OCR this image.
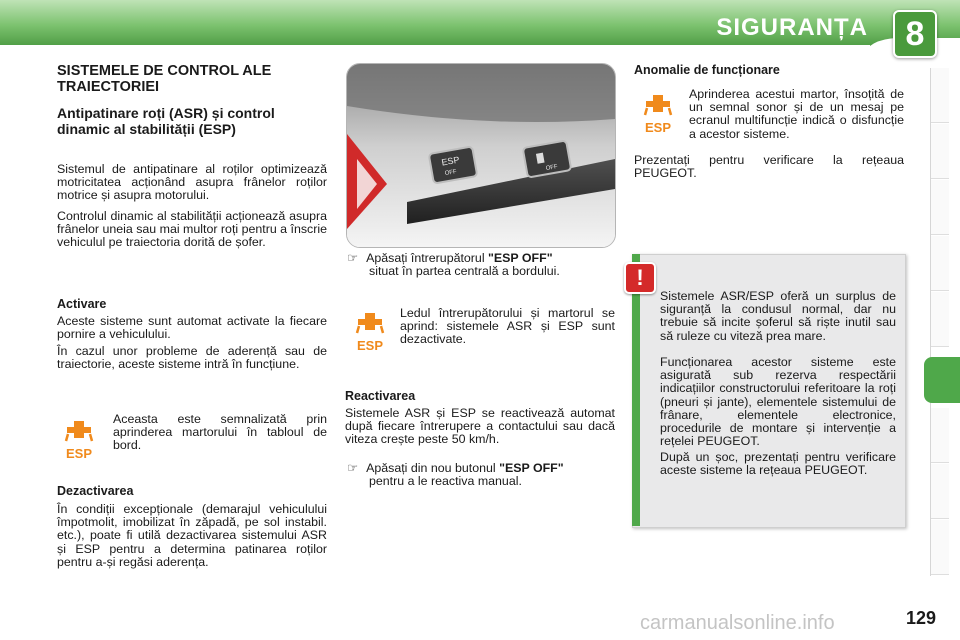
SIGURANȚA	8
SISTEMELE DE CONTROL ALE TRAIECTORIEI
Antipatinare roți (ASR) și control dinamic al stabilității (ESP)

Sistemul de antipatinare al roților optimizează motricitatea acționând asupra frânelor roților motrice și asupra motorului.

Controlul dinamic al stabilității acționează asupra frânelor uneia sau mai multor roți pentru a înscrie vehiculul pe traiectoria dorită de șofer.

Activare

Aceste sisteme sunt automat activate la fiecare pornire a vehiculului.

În cazul unor probleme de aderență sau de traiectorie, aceste sisteme intră în funcțiune.

ESP

Aceasta este semnalizată prin aprinderea martorului în tabloul de bord.

Dezactivarea

În condiții excepționale (demarajul vehiculului împotmolit, imobilizat în zăpadă, pe sol instabil. etc.), poate fi utilă dezactivarea sistemului ASR și ESP pentru a determina patinarea roților pentru a-și regăsi aderența.

ESP
OFF
OFF
☞ Apăsați întrerupătorul "ESP OFF"
situat în partea centrală a bordului.
ESP

Ledul întrerupătorului și martorul se aprind: sistemele ASR și ESP sunt dezactivate.

Reactivarea

Sistemele ASR și ESP se reactivează automat după fiecare întrerupere a contactului sau dacă viteza crește peste 50 km/h.

☞ Apăsați din nou butonul "ESP OFF"
pentru a le reactiva manual.
Anomalie de funcționare
ESP

Aprinderea acestui martor, însoțită de un semnal sonor și de un mesaj pe ecranul multifuncție indică o disfuncție a acestor sisteme.

Prezentați pentru verificare la rețeaua PEUGEOT.

!

Sistemele ASR/ESP oferă un surplus de siguranță la condusul normal, dar nu trebuie să incite șoferul să riște inutil sau să ruleze cu viteză prea mare.

Funcționarea acestor sisteme este asigurată sub rezerva respectării indicațiilor constructorului referitoare la roți (pneuri și jante), elementele sistemului de frânare, elementele electronice, procedurile de montare și intervenție a rețelei PEUGEOT.

După un șoc, prezentați pentru verificare aceste sisteme la rețeaua PEUGEOT.

carmanualsonline.info	129
